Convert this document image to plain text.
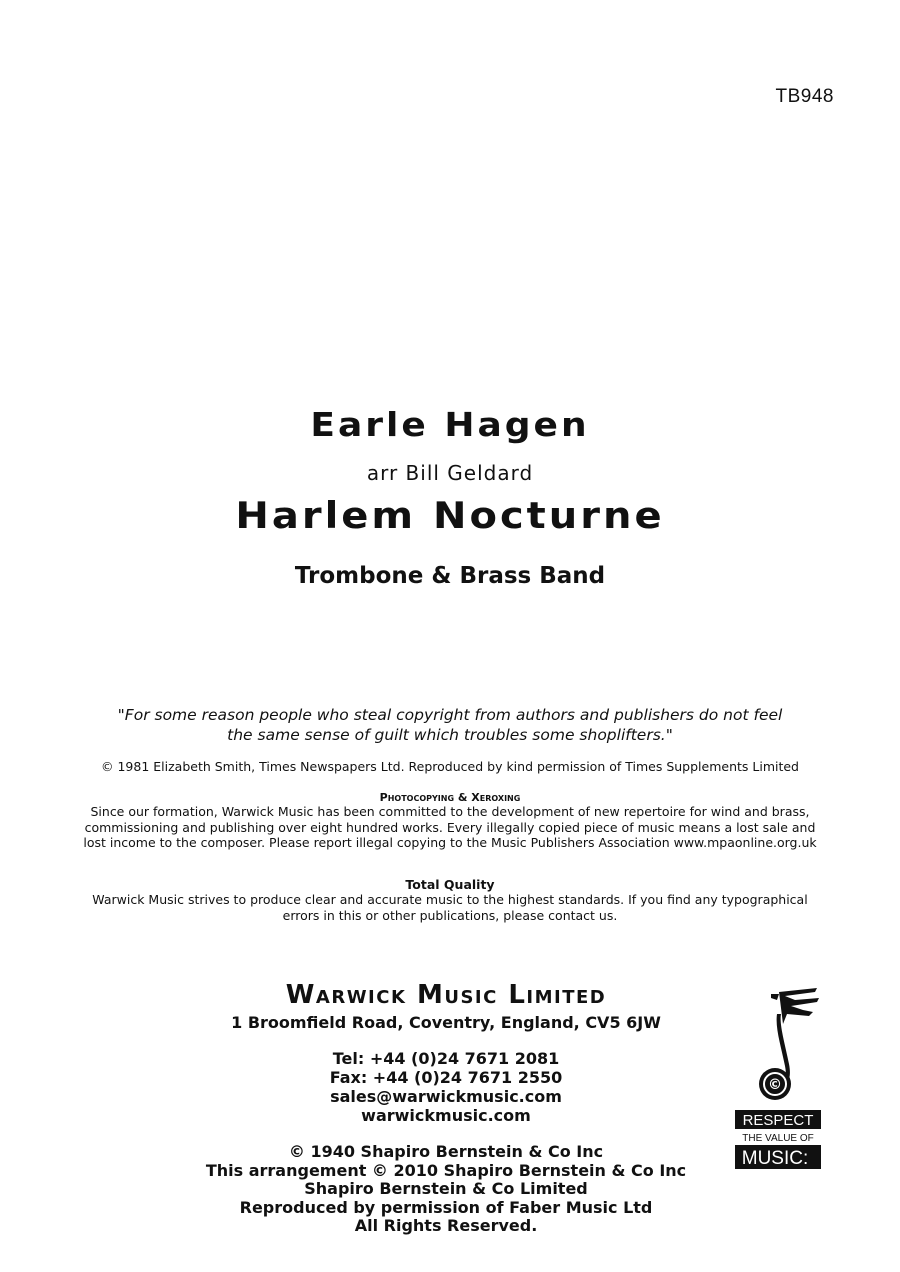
TB948
Earle Hagen
arr Bill Geldard
Harlem Nocturne
Trombone & Brass Band
"For some reason people who steal copyright from authors and publishers do not feel
the same sense of guilt which troubles some shoplifters."
© 1981 Elizabeth Smith, Times Newspapers Ltd. Reproduced by kind permission of Times Supplements Limited
Photocopying & Xeroxing
Since our formation, Warwick Music has been committed to the development of new repertoire for wind and brass,
commissioning and publishing over eight hundred works. Every illegally copied piece of music means a lost sale and
lost income to the composer. Please report illegal copying to the Music Publishers Association www.mpaonline.org.uk
Total Quality
Warwick Music strives to produce clear and accurate music to the highest standards. If you find any typographical
errors in this or other publications, please contact us.
Warwick Music Limited
1 Broomfield Road, Coventry, England, CV5 6JW
Tel: +44 (0)24 7671 2081
Fax: +44 (0)24 7671 2550
sales@warwickmusic.com
warwickmusic.com
© 1940 Shapiro Bernstein & Co Inc
This arrangement © 2010 Shapiro Bernstein & Co Inc
Shapiro Bernstein & Co Limited
Reproduced by permission of Faber Music Ltd
All Rights Reserved.
©
RESPECT
THE VALUE OF
MUSIC:
